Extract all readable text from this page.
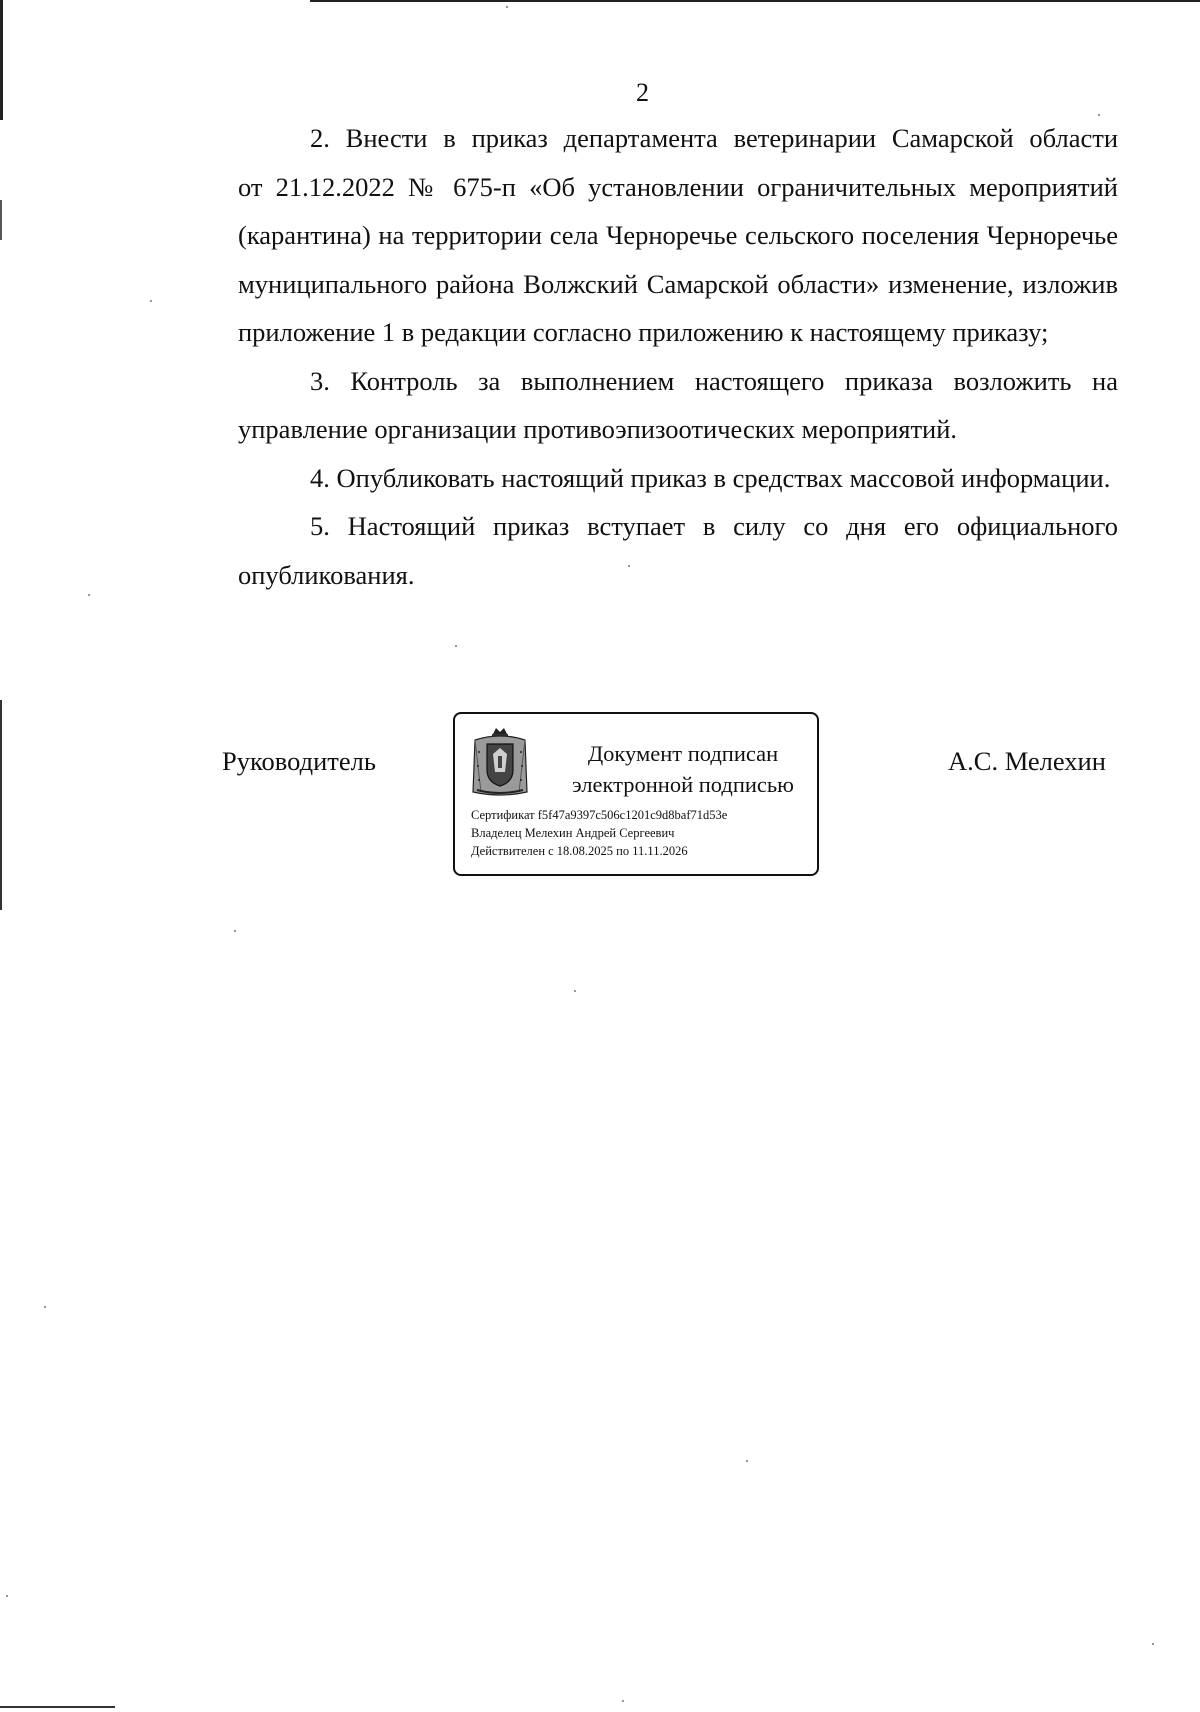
2

2. Внести в приказ департамента ветеринарии Самарской области
от 21.12.2022 № 675-п «Об установлении ограничительных мероприятий
(карантина) на территории села Черноречье сельского поселения Черноречье
муниципального района Волжский Самарской области» изменение, изложив
приложение 1 в редакции согласно приложению к настоящему приказу;

3. Контроль за выполнением настоящего приказа возложить на
управление организации противоэпизоотических мероприятий.

4. Опубликовать настоящий приказ в средствах массовой информации.

5. Настоящий приказ вступает в силу со дня его официального
опубликования.

Руководитель	Документ подписан
электронной подписью
Сертификат f5f47a9397c506c1201c9d8baf71d53e
Владелец Мелехин Андрей Сергеевич
Действителен с 18.08.2025 по 11.11.2026
А.С. Мелехин
